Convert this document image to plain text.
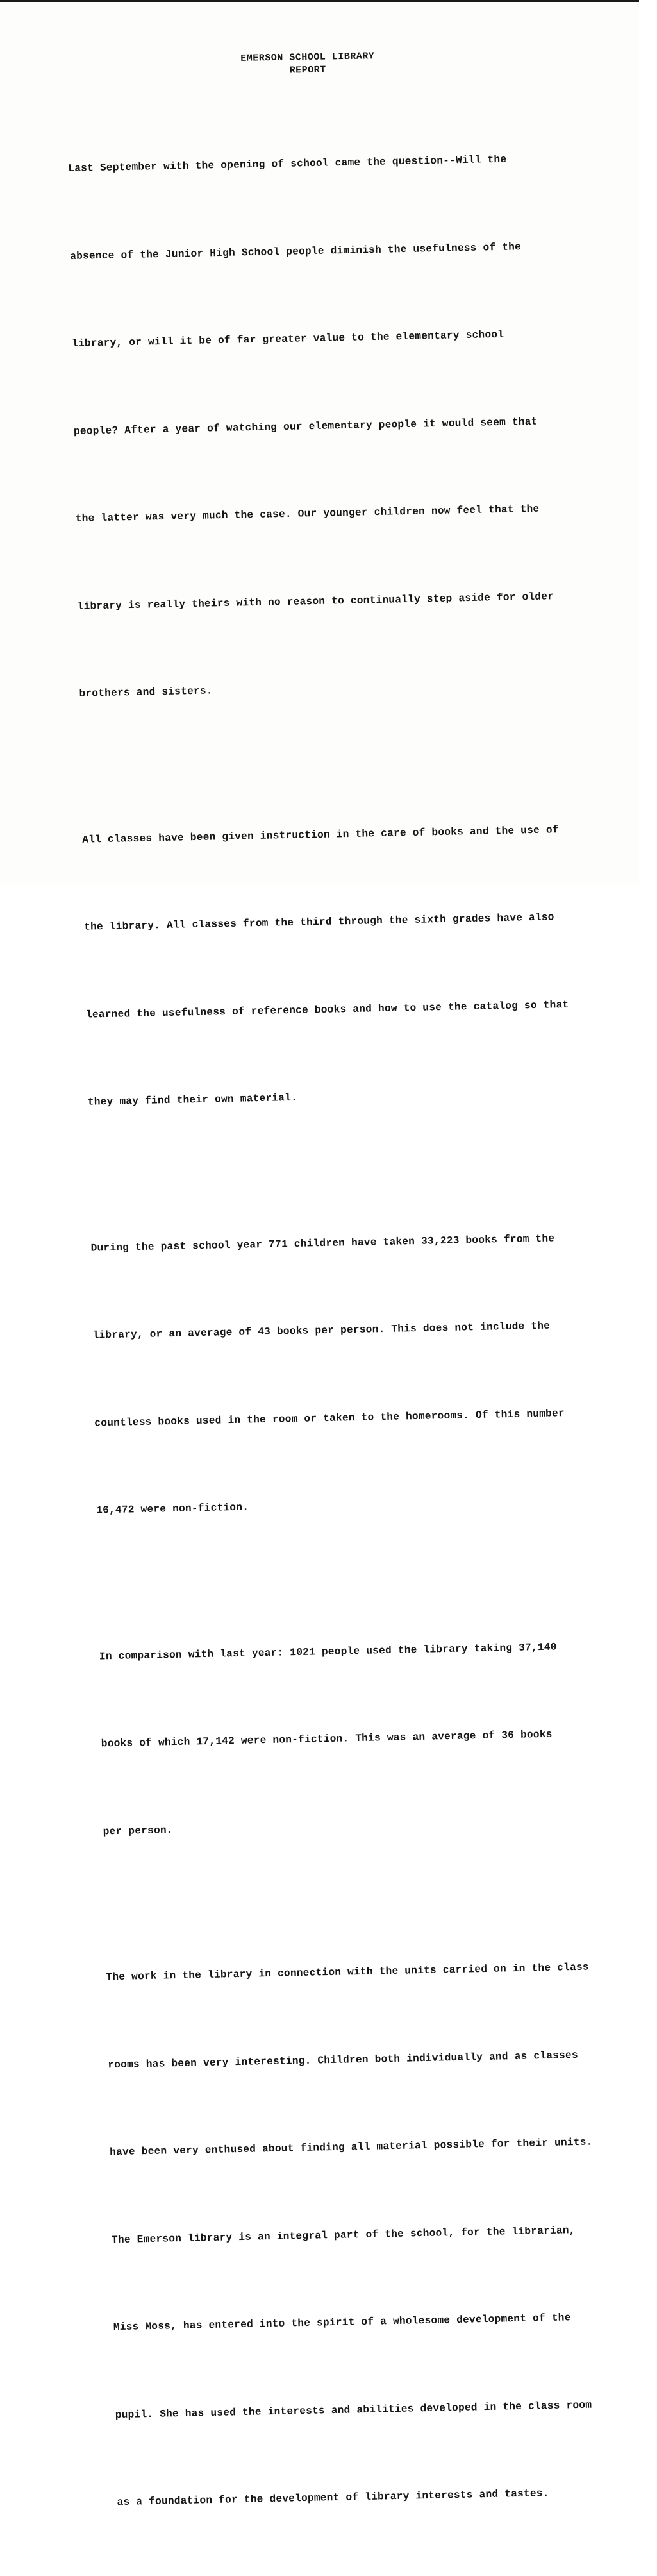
EMERSON SCHOOL LIBRARY
REPORT

Last September with the opening of school came the question--Will the

absence of the Junior High School people diminish the usefulness of the

library, or will it be of far greater value to the elementary school

people? After a year of watching our elementary people it would seem that

the latter was very much the case. Our younger children now feel that the

library is really theirs with no reason to continually step aside for older

brothers and sisters.

All classes have been given instruction in the care of books and the use of

the library. All classes from the third through the sixth grades have also

learned the usefulness of reference books and how to use the catalog so that

they may find their own material.

During the past school year 771 children have taken 33,223 books from the

library, or an average of 43 books per person. This does not include the

countless books used in the room or taken to the homerooms. Of this number

16,472 were non-fiction.

In comparison with last year: 1021 people used the library taking 37,140

books of which 17,142 were non-fiction. This was an average of 36 books

per person.

The work in the library in connection with the units carried on in the class

rooms has been very interesting. Children both individually and as classes

have been very enthused about finding all material possible for their units.

The Emerson library is an integral part of the school, for the librarian,

Miss Moss, has entered into the spirit of a wholesome development of the

pupil. She has used the interests and abilities developed in the class room

as a foundation for the development of library interests and tastes.
